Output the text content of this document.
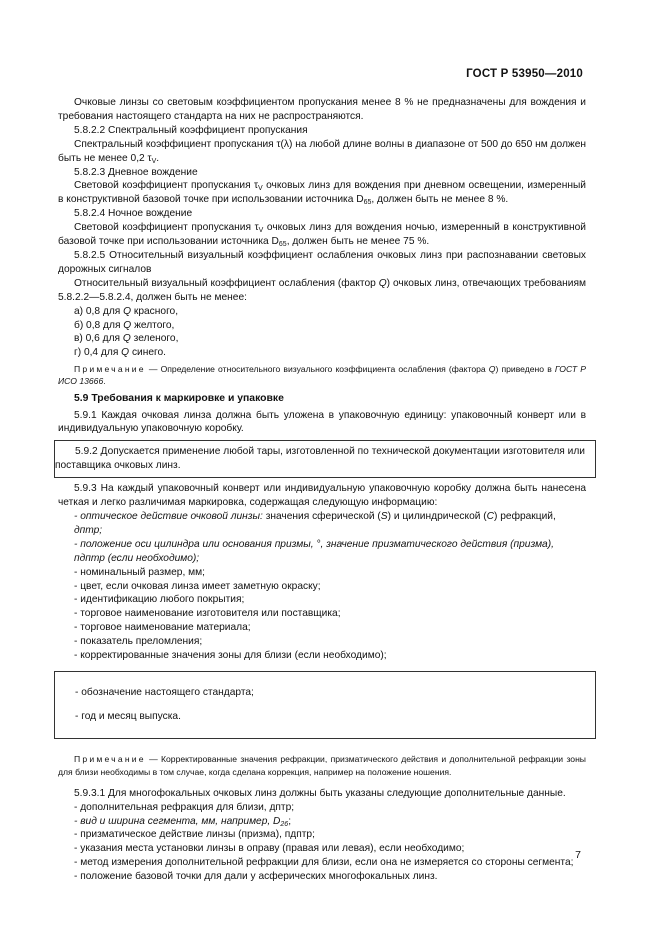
ГОСТ Р 53950—2010

Очковые линзы со световым коэффициентом пропускания менее 8 % не предназначены для вождения и требования настоящего стандарта на них не распространяются.

5.8.2.2 Спектральный коэффициент пропускания

Спектральный коэффициент пропускания τ(λ) на любой длине волны в диапазоне от 500 до 650 нм должен быть не менее 0,2 $\tau_V$.

5.8.2.3 Дневное вождение

Световой коэффициент пропускания $\tau_V$ очковых линз для вождения при дневном освещении, измеренный в конструктивной базовой точке при использовании источника $D_{65}$, должен быть не менее 8 %.

5.8.2.4 Ночное вождение

Световой коэффициент пропускания $\tau_V$ очковых линз для вождения ночью, измеренный в конструктивной базовой точке при использовании источника $D_{65}$, должен быть не менее 75 %.

5.8.2.5 Относительный визуальный коэффициент ослабления очковых линз при распознавании световых дорожных сигналов

Относительный визуальный коэффициент ослабления (фактор Q) очковых линз, отвечающих требованиям 5.8.2.2—5.8.2.4, должен быть не менее:

а) 0,8 для Q красного,

б) 0,8 для Q желтого,

в) 0,6 для Q зеленого,

г) 0,4 для Q синего.

Примечание — Определение относительного визуального коэффициента ослабления (фактора Q) приведено в ГОСТ Р ИСО 13666.

5.9 Требования к маркировке и упаковке

5.9.1 Каждая очковая линза должна быть уложена в упаковочную единицу: упаковочный конверт или в индивидуальную упаковочную коробку.

5.9.2 Допускается применение любой тары, изготовленной по технической документации изготовителя или поставщика очковых линз.

5.9.3 На каждый упаковочный конверт или индивидуальную упаковочную коробку должна быть нанесена четкая и легко различимая маркировка, содержащая следующую информацию:

- оптическое действие очковой линзы: значения сферической (S) и цилиндрической (C) рефракций, дптр;

- положение оси цилиндра или основания призмы, °, значение призматического действия (призма), пдптр (если необходимо);

- номинальный размер, мм;

- цвет, если очковая линза имеет заметную окраску;

- идентификацию любого покрытия;

- торговое наименование изготовителя или поставщика;

- торговое наименование материала;

- показатель преломления;

- корректированные значения зоны для близи (если необходимо);

- обозначение настоящего стандарта;

- год и месяц выпуска.

Примечание — Корректированные значения рефракции, призматического действия и дополнительной рефракции зоны для близи необходимы в том случае, когда сделана коррекция, например на положение ношения.

5.9.3.1 Для многофокальных очковых линз должны быть указаны следующие дополнительные данные.

- дополнительная рефракция для близи, дптр;

- вид и ширина сегмента, мм, например, $D_{26}$;

- призматическое действие линзы (призма), пдптр;

- указания места установки линзы в оправу (правая или левая), если необходимо;

- метод измерения дополнительной рефракции для близи, если она не измеряется со стороны сегмента;

- положение базовой точки для дали у асферических многофокальных линз.

7
